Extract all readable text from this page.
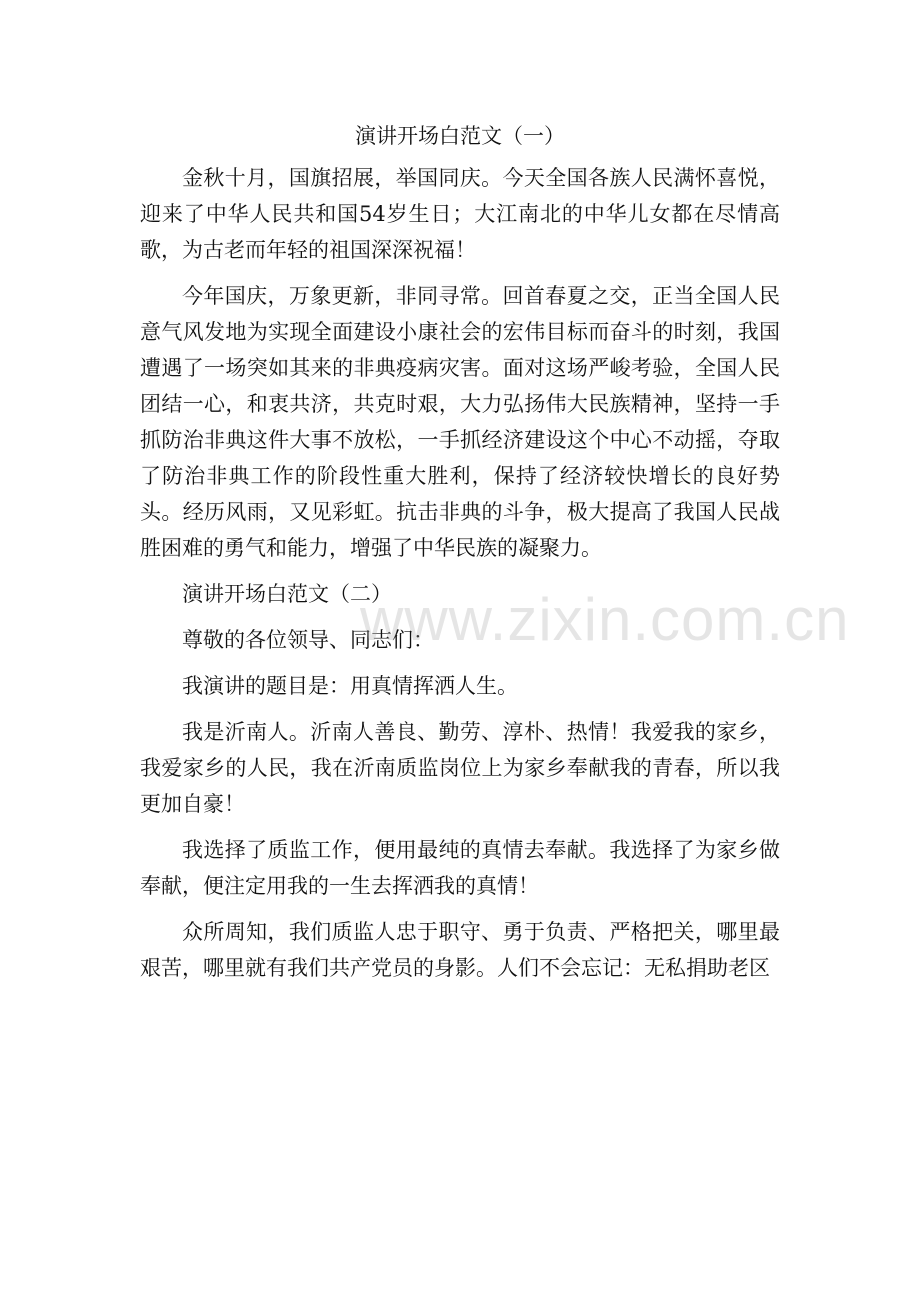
演讲开场白范文（一）

金秋十月，国旗招展，举国同庆。今天全国各族人民满怀喜悦，迎来了中华人民共和国54岁生日；大江南北的中华儿女都在尽情高歌，为古老而年轻的祖国深深祝福！

今年国庆，万象更新，非同寻常。回首春夏之交，正当全国人民意气风发地为实现全面建设小康社会的宏伟目标而奋斗的时刻，我国遭遇了一场突如其来的非典疫病灾害。面对这场严峻考验，全国人民团结一心，和衷共济，共克时艰，大力弘扬伟大民族精神，坚持一手抓防治非典这件大事不放松，一手抓经济建设这个中心不动摇，夺取了防治非典工作的阶段性重大胜利，保持了经济较快增长的良好势头。经历风雨，又见彩虹。抗击非典的斗争，极大提高了我国人民战胜困难的勇气和能力，增强了中华民族的凝聚力。

演讲开场白范文（二）

尊敬的各位领导、同志们：

我演讲的题目是：用真情挥洒人生。

我是沂南人。沂南人善良、勤劳、淳朴、热情！我爱我的家乡，我爱家乡的人民，我在沂南质监岗位上为家乡奉献我的青春，所以我更加自豪！

我选择了质监工作，便用最纯的真情去奉献。我选择了为家乡做奉献，便注定用我的一生去挥洒我的真情！

众所周知，我们质监人忠于职守、勇于负责、严格把关，哪里最艰苦，哪里就有我们共产党员的身影。人们不会忘记：无私捐助老区

www.zixin.com.cn
